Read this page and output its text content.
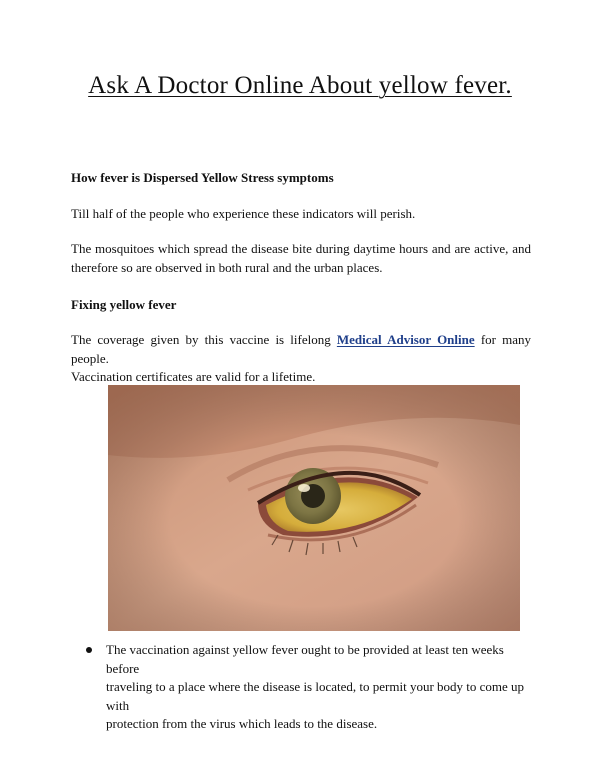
Ask A Doctor Online About yellow fever.
How fever is Dispersed Yellow Stress symptoms
Till half of the people who experience these indicators will perish.
The mosquitoes which spread the disease bite during daytime hours and are active, and
therefore so are observed in both rural and the urban places.
Fixing yellow fever
The coverage given by this vaccine is lifelong Medical Advisor Online for many people.
Vaccination certificates are valid for a lifetime.
The vaccination against yellow fever ought to be provided at least ten weeks before
traveling to a place where the disease is located, to permit your body to come up with
protection from the virus which leads to the disease.
